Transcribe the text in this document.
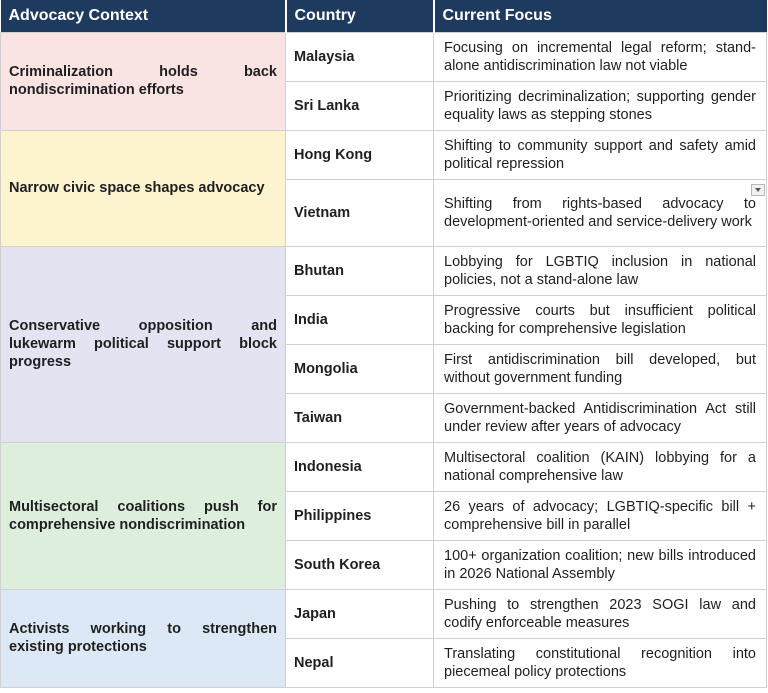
Advocacy Context	Country	Current Focus
Criminalization holds back nondiscrimination efforts	Malaysia	Focusing on incremental legal reform; stand-alone antidiscrimination law not viable
	Sri Lanka	Prioritizing decriminalization; supporting gender equality laws as stepping stones
Narrow civic space shapes advocacy	Hong Kong	Shifting to community support and safety amid political repression
	Vietnam	Shifting from rights-based advocacy to development-oriented and service-delivery work

Conservative opposition and lukewarm political support block progress	Bhutan	Lobbying for LGBTIQ inclusion in national policies, not a stand-alone law
	India	Progressive courts but insufficient political backing for comprehensive legislation
	Mongolia	First antidiscrimination bill developed, but without government funding
	Taiwan	Government-backed Antidiscrimination Act still under review after years of advocacy
Multisectoral coalitions push for comprehensive nondiscrimination	Indonesia	Multisectoral coalition (KAIN) lobbying for a national comprehensive law
	Philippines	26 years of advocacy; LGBTIQ-specific bill + comprehensive bill in parallel
	South Korea	100+ organization coalition; new bills introduced in 2026 National Assembly
Activists working to strengthen existing protections	Japan	Pushing to strengthen 2023 SOGI law and codify enforceable measures
	Nepal	Translating constitutional recognition into piecemeal policy protections
